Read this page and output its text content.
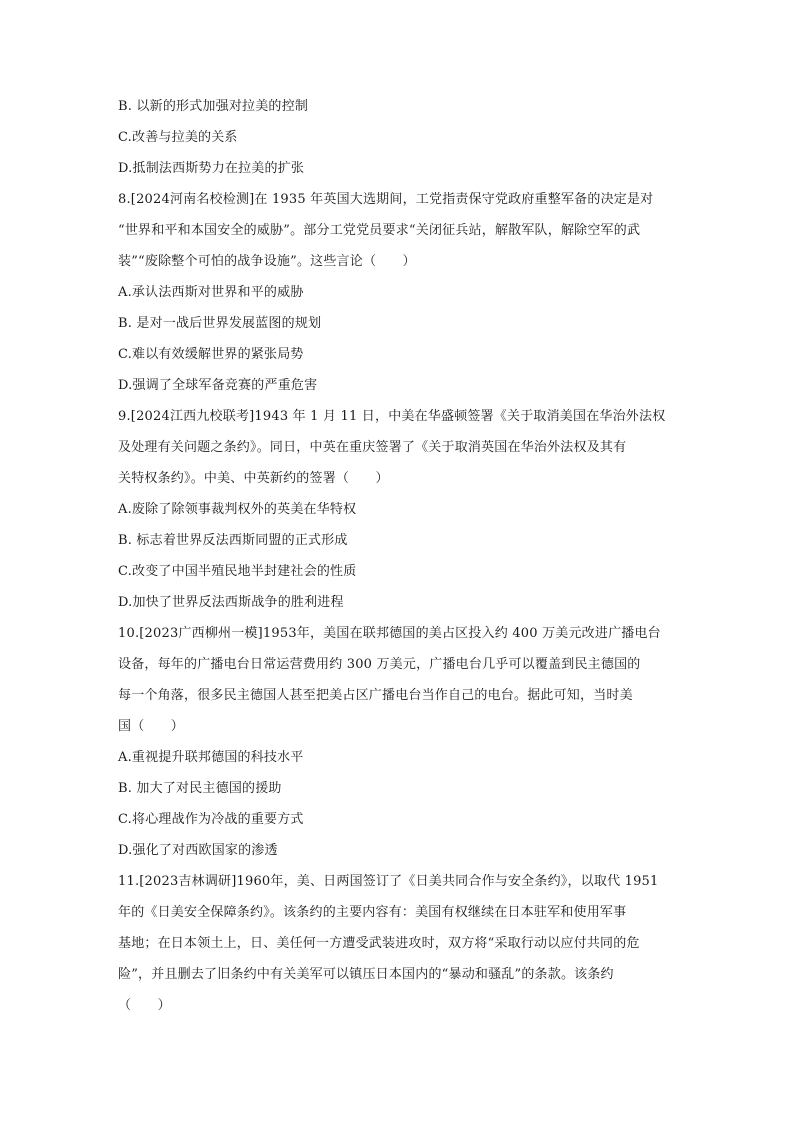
B. 以新的形式加强对拉美的控制
C.改善与拉美的关系
D.抵制法西斯势力在拉美的扩张
8.[2024河南名校检测]在 1935 年英国大选期间，工党指责保守党政府重整军备的决定是对
“世界和平和本国安全的威胁”。部分工党党员要求“关闭征兵站，解散军队，解除空军的武
装”“废除整个可怕的战争设施”。这些言论（　　）
A.承认法西斯对世界和平的威胁
B. 是对一战后世界发展蓝图的规划
C.难以有效缓解世界的紧张局势
D.强调了全球军备竞赛的严重危害
9.[2024江西九校联考]1943 年 1 月 11 日，中美在华盛顿签署《关于取消美国在华治外法权
及处理有关问题之条约》。同日，中英在重庆签署了《关于取消英国在华治外法权及其有
关特权条约》。中美、中英新约的签署（　　）
A.废除了除领事裁判权外的英美在华特权
B. 标志着世界反法西斯同盟的正式形成
C.改变了中国半殖民地半封建社会的性质
D.加快了世界反法西斯战争的胜利进程
10.[2023广西柳州一模]1953年，美国在联邦德国的美占区投入约 400 万美元改进广播电台
设备，每年的广播电台日常运营费用约 300 万美元，广播电台几乎可以覆盖到民主德国的
每一个角落，很多民主德国人甚至把美占区广播电台当作自己的电台。据此可知，当时美
国（　　）
A.重视提升联邦德国的科技水平
B. 加大了对民主德国的援助
C.将心理战作为冷战的重要方式
D.强化了对西欧国家的渗透
11.[2023吉林调研]1960年，美、日两国签订了《日美共同合作与安全条约》，以取代 1951
年的《日美安全保障条约》。该条约的主要内容有：美国有权继续在日本驻军和使用军事
基地；在日本领土上，日、美任何一方遭受武装进攻时，双方将“采取行动以应付共同的危
险”，并且删去了旧条约中有关美军可以镇压日本国内的“暴动和骚乱”的条款。该条约
（　　）
